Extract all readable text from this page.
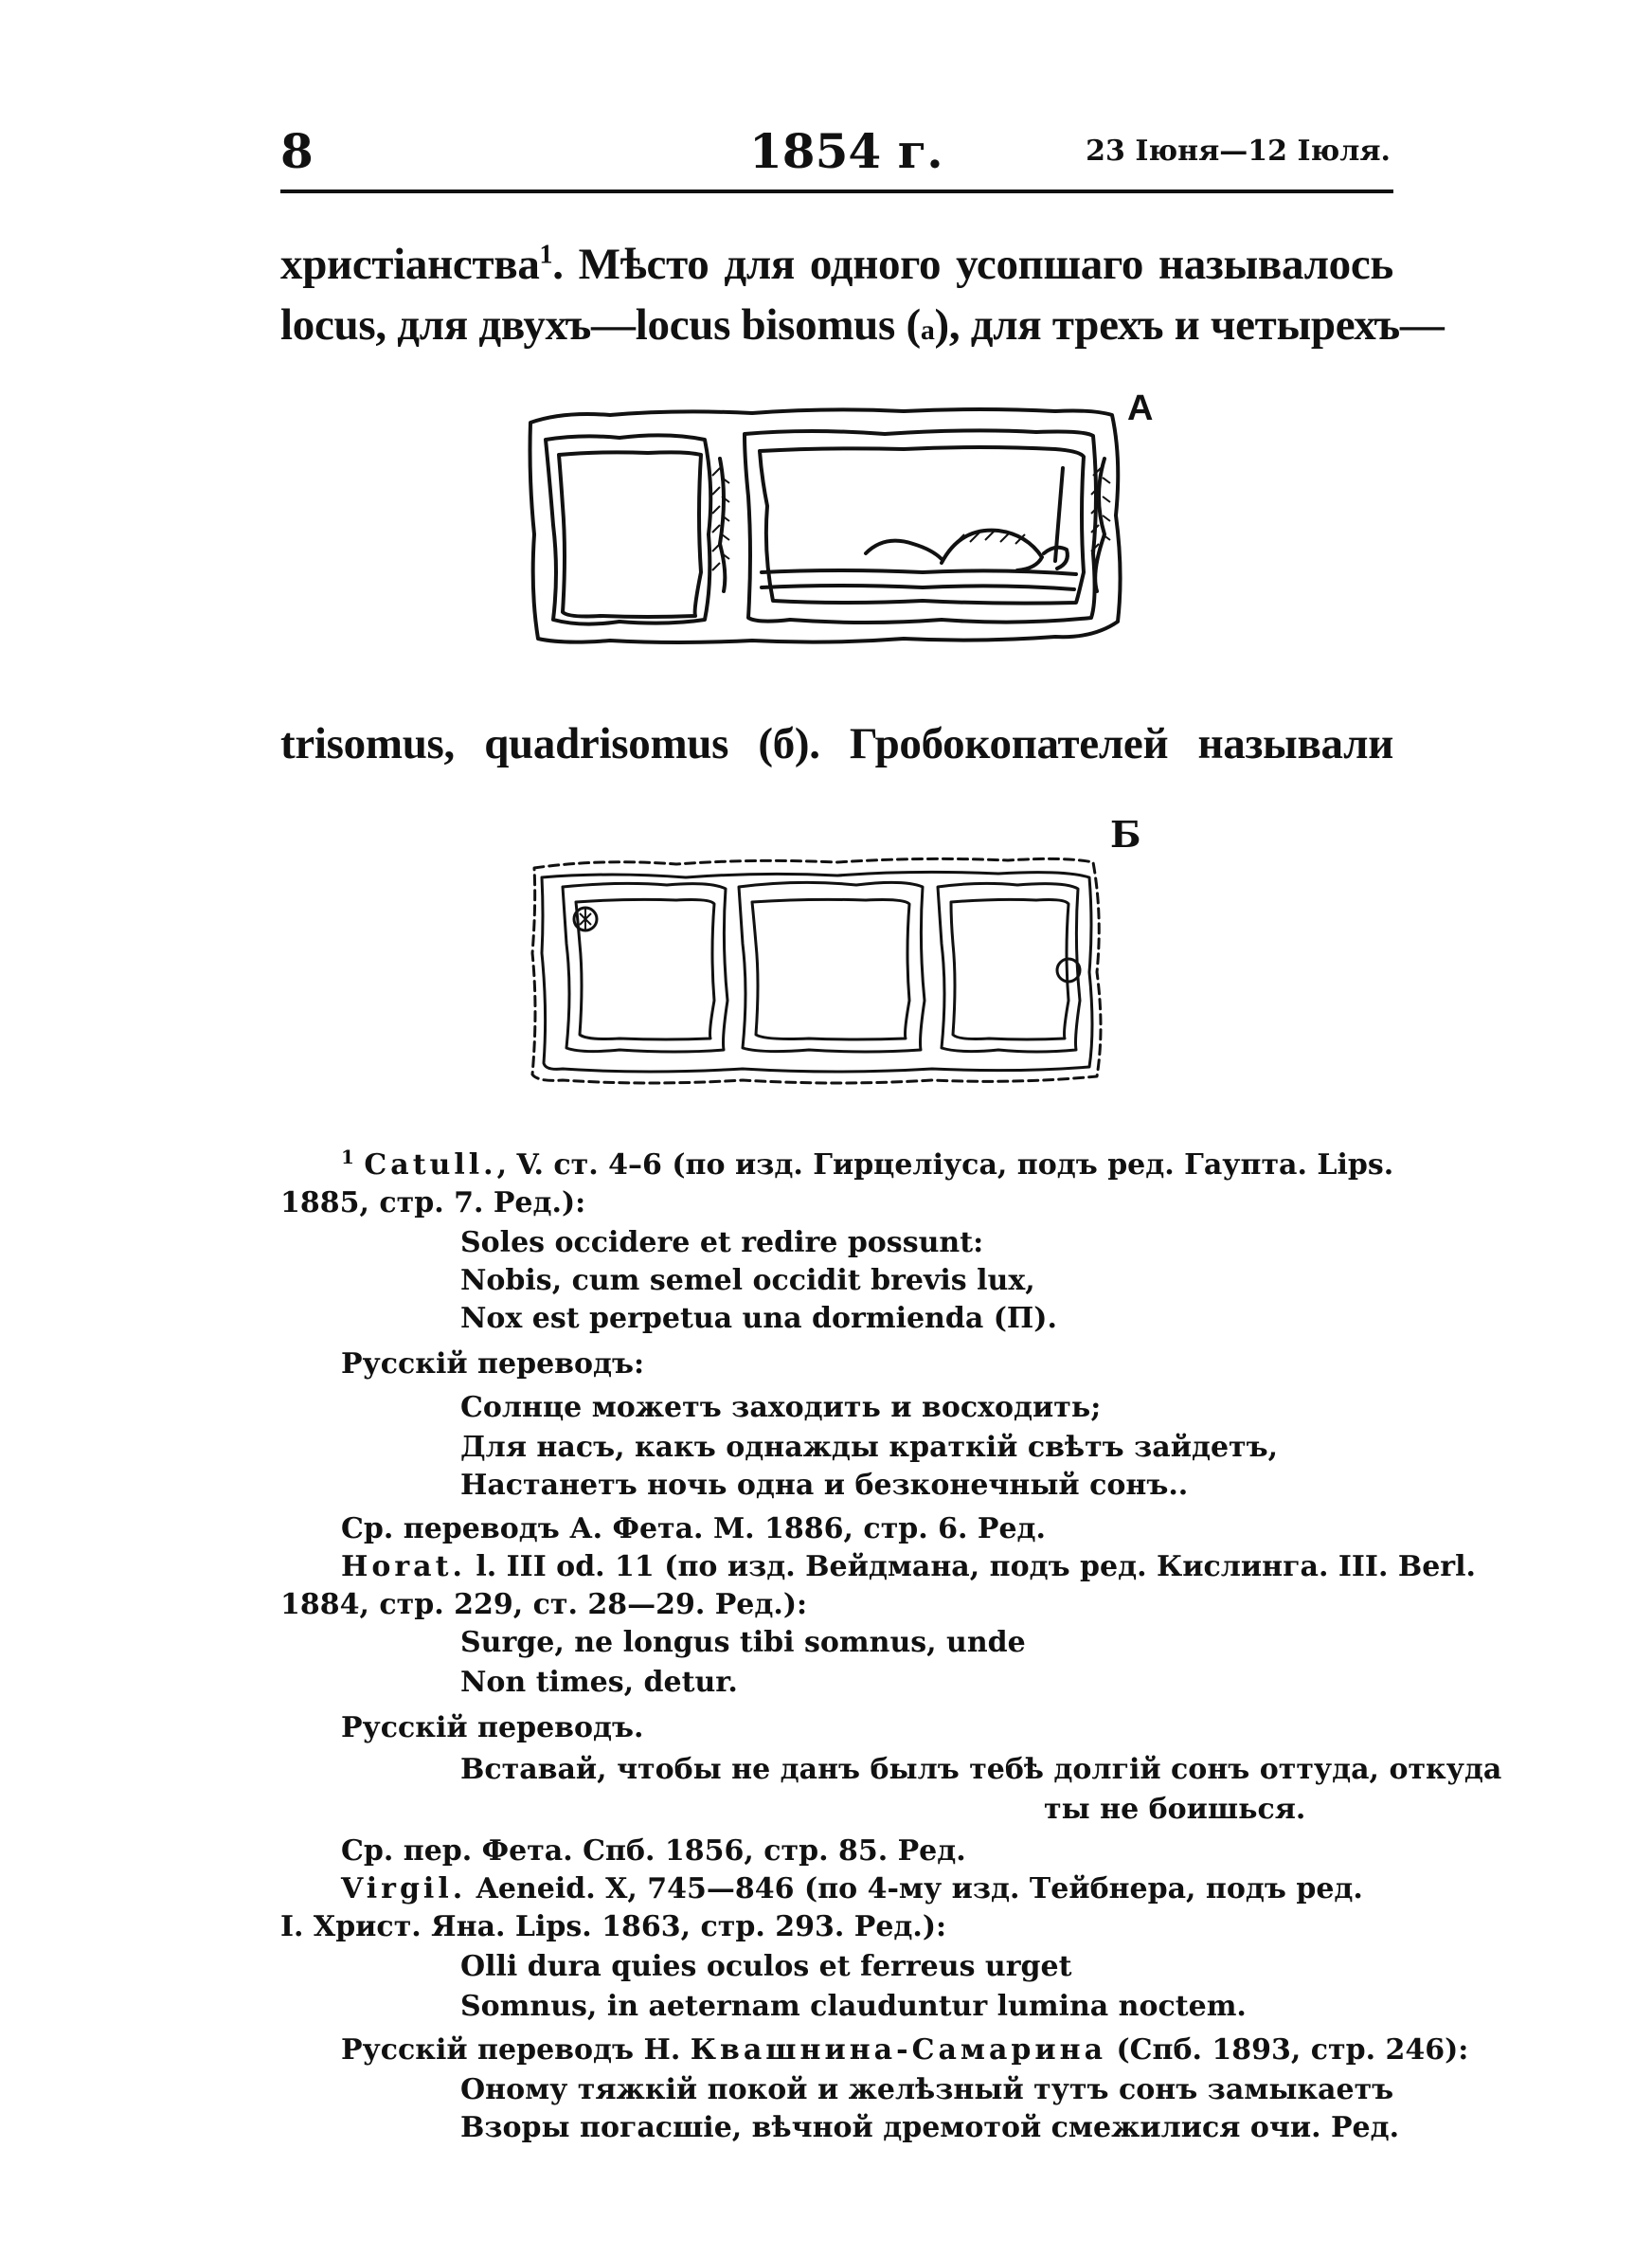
8	1854 г.	23 Іюня—12 Іюля.
христіанства$^1$. Мѣсто для одного усопшаго называлось
locus, для двухъ—locus bisomus (а), для трехъ и четырехъ—
А
trisomus, quadrisomus (б). Гробокопателей называли
Б
$^1$ Catull., V. ст. 4–6 (по изд. Гирцеліуса, подъ ред. Гаупта. Lips.
1885, стр. 7. Ред.):
Soles occidere et redire possunt:
Nobis, cum semel occidit brevis lux,
Nox est perpetua una dormienda (П).
Русскій переводъ:
Солнце можетъ заходить и восходить;
Для насъ, какъ однажды краткій свѣтъ зайдетъ,
Настанетъ ночь одна и безконечный сонъ..
Ср. переводъ А. Фета. М. 1886, стр. 6. Ред.
Horat. l. III od. 11 (по изд. Вейдмана, подъ ред. Кислинга. III. Berl.
1884, стр. 229, ст. 28—29. Ред.):
Surge, ne longus tibi somnus, unde
Non times, detur.
Русскій переводъ.
Вставай, чтобы не данъ былъ тебѣ долгій сонъ оттуда, откуда
ты не боишься.
Ср. пер. Фета. Спб. 1856, стр. 85. Ред.
Virgil. Aeneid. X, 745—846 (по 4-му изд. Тейбнера, подъ ред.
I. Христ. Яна. Lips. 1863, стр. 293. Ред.):
Olli dura quies oculos et ferreus urget
Somnus, in aeternam clauduntur lumina noctem.
Русскій переводъ Н. Квашнина-Самарина (Спб. 1893, стр. 246):
Оному тяжкій покой и желѣзный тутъ сонъ замыкаетъ
Взоры погасшіе, вѣчной дремотой смежилися очи. Ред.
